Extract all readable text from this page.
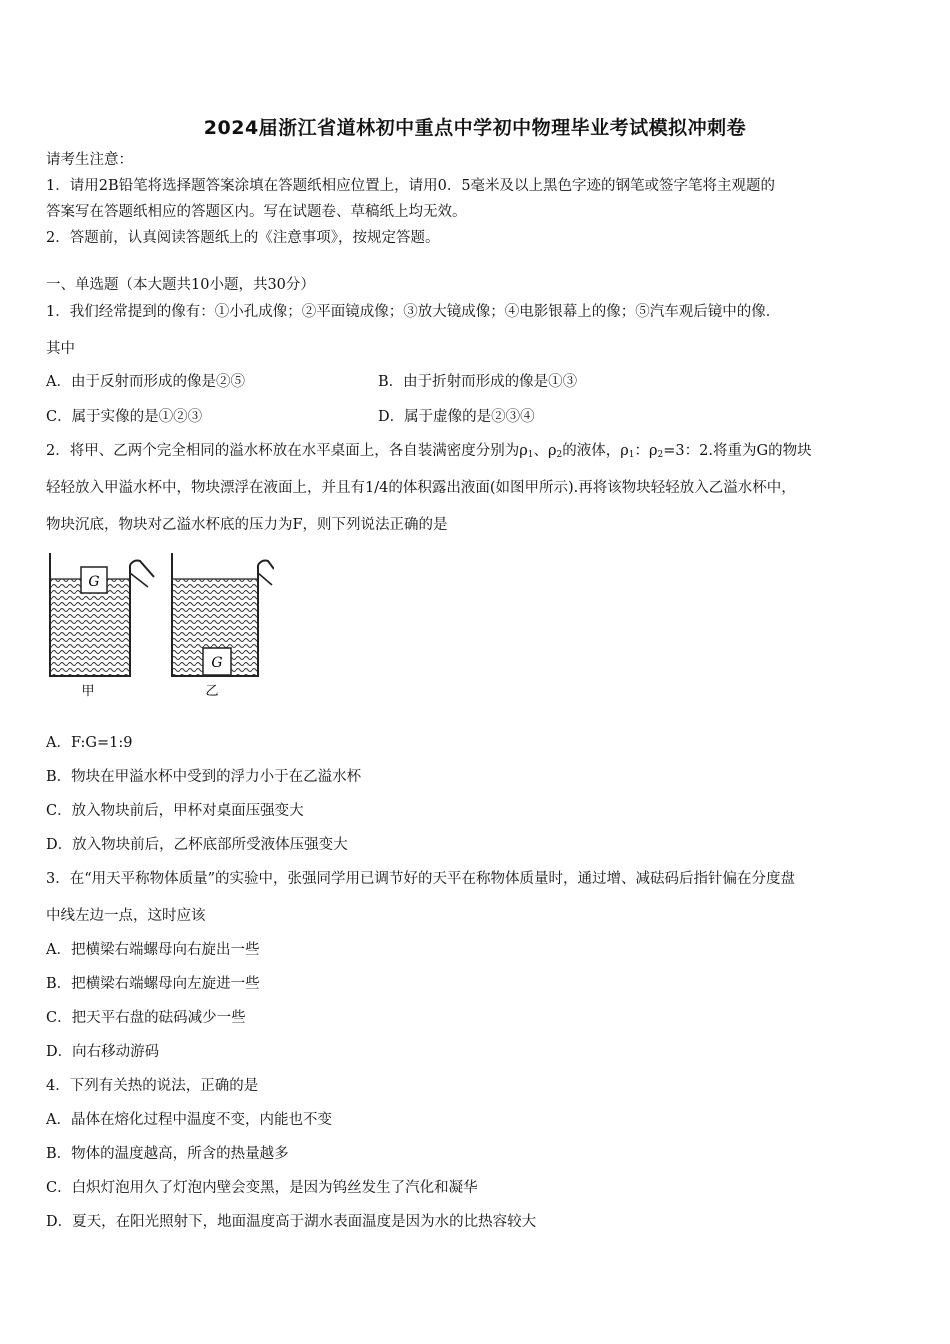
2024届浙江省道林初中重点中学初中物理毕业考试模拟冲刺卷
请考生注意：
1．请用2B铅笔将选择题答案涂填在答题纸相应位置上，请用0．5毫米及以上黑色字迹的钢笔或签字笔将主观题的
答案写在答题纸相应的答题区内。写在试题卷、草稿纸上均无效。
2．答题前，认真阅读答题纸上的《注意事项》，按规定答题。
一、单选题（本大题共10小题，共30分）
1．我们经常提到的像有：①小孔成像；②平面镜成像；③放大镜成像；④电影银幕上的像；⑤汽车观后镜中的像．
其中
A．由于反射而形成的像是②⑤	B．由于折射而形成的像是①③
C．属于实像的是①②③	D．属于虚像的是②③④
2．将甲、乙两个完全相同的溢水杯放在水平桌面上，各自装满密度分别为$\rho_1$、$\rho_2$的液体，$\rho_1$：$\rho_2=3$：2.将重为G的物块
轻轻放入甲溢水杯中，物块漂浮在液面上，并且有1/4的体积露出液面(如图甲所示).再将该物块轻轻放入乙溢水杯中，
物块沉底，物块对乙溢水杯底的压力为F，则下列说法正确的是
G
甲
G
乙
A．F:G=1:9
B．物块在甲溢水杯中受到的浮力小于在乙溢水杯
C．放入物块前后，甲杯对桌面压强变大
D．放入物块前后，乙杯底部所受液体压强变大
3．在“用天平称物体质量”的实验中，张强同学用已调节好的天平在称物体质量时，通过增、减砝码后指针偏在分度盘
中线左边一点，这时应该
A．把横梁右端螺母向右旋出一些
B．把横梁右端螺母向左旋进一些
C．把天平右盘的砝码减少一些
D．向右移动游码
4．下列有关热的说法，正确的是
A．晶体在熔化过程中温度不变，内能也不变
B．物体的温度越高，所含的热量越多
C．白炽灯泡用久了灯泡内壁会变黑，是因为钨丝发生了汽化和凝华
D．夏天，在阳光照射下，地面温度高于湖水表面温度是因为水的比热容较大
